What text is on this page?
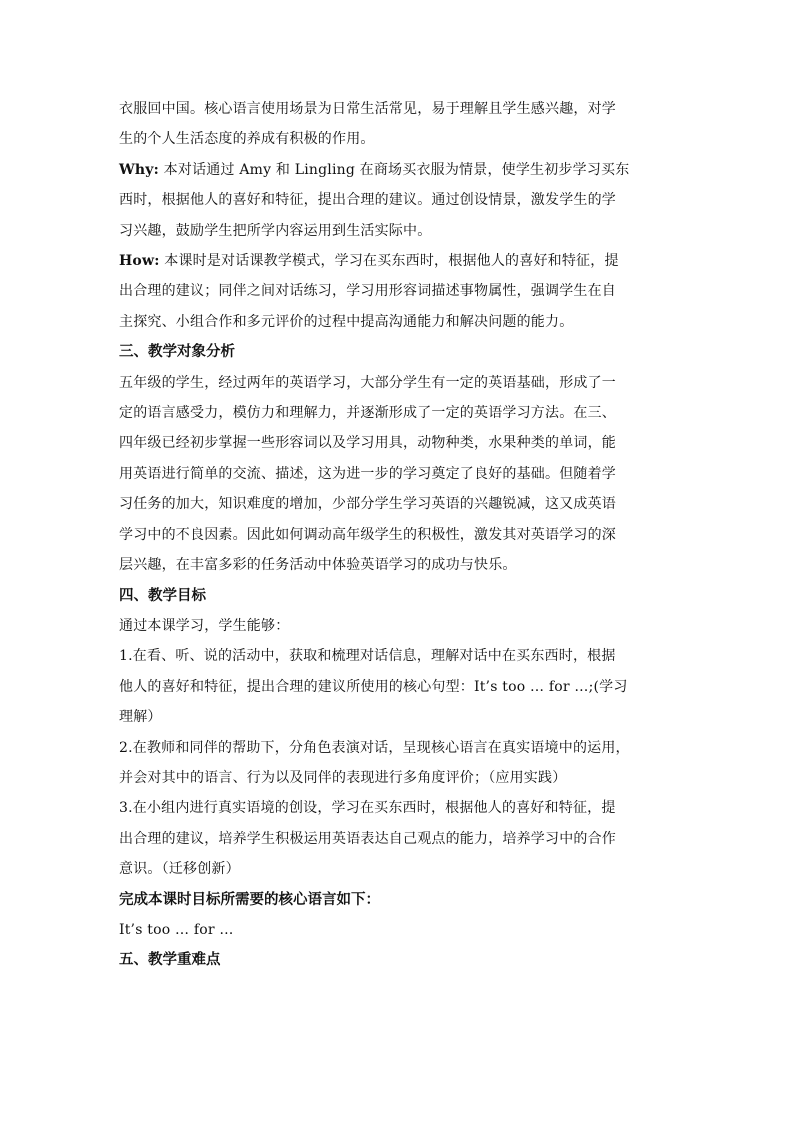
衣服回中国。核心语言使用场景为日常生活常见，易于理解且学生感兴趣，对学
生的个人生活态度的养成有积极的作用。

Why: 本对话通过 Amy 和 Lingling 在商场买衣服为情景，使学生初步学习买东
西时，根据他人的喜好和特征，提出合理的建议。通过创设情景，激发学生的学
习兴趣，鼓励学生把所学内容运用到生活实际中。

How: 本课时是对话课教学模式，学习在买东西时，根据他人的喜好和特征，提
出合理的建议；同伴之间对话练习，学习用形容词描述事物属性，强调学生在自
主探究、小组合作和多元评价的过程中提高沟通能力和解决问题的能力。

三、教学对象分析

五年级的学生，经过两年的英语学习，大部分学生有一定的英语基础，形成了一
定的语言感受力，模仿力和理解力，并逐渐形成了一定的英语学习方法。在三、
四年级已经初步掌握一些形容词以及学习用具，动物种类，水果种类的单词，能
用英语进行简单的交流、描述，这为进一步的学习奠定了良好的基础。但随着学
习任务的加大，知识难度的增加，少部分学生学习英语的兴趣锐减，这又成英语
学习中的不良因素。因此如何调动高年级学生的积极性，激发其对英语学习的深
层兴趣，在丰富多彩的任务活动中体验英语学习的成功与快乐。

四、教学目标

通过本课学习，学生能够：

1.在看、听、说的活动中，获取和梳理对话信息，理解对话中在买东西时，根据
他人的喜好和特征，提出合理的建议所使用的核心句型：It’s too … for …;(学习
理解）

2.在教师和同伴的帮助下，分角色表演对话，呈现核心语言在真实语境中的运用，
并会对其中的语言、行为以及同伴的表现进行多角度评价；（应用实践）

3.在小组内进行真实语境的创设，学习在买东西时，根据他人的喜好和特征，提
出合理的建议，培养学生积极运用英语表达自己观点的能力，培养学习中的合作
意识。（迁移创新）

完成本课时目标所需要的核心语言如下：

It’s too … for …

五、教学重难点
